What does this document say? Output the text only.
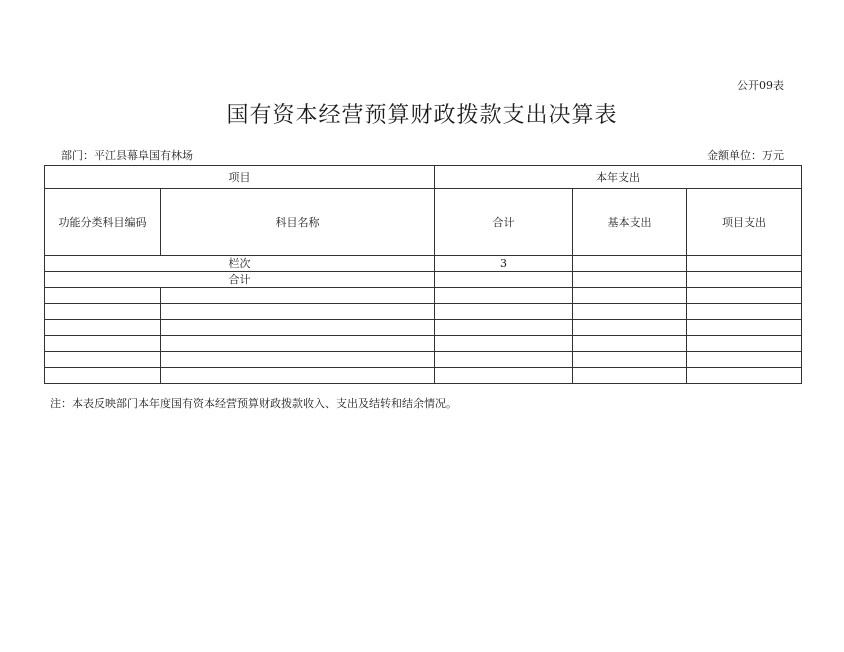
公开09表
国有资本经营预算财政拨款支出决算表
部门：平江县幕阜国有林场	金额单位：万元
项目		本年支出		
功能分类科目编码	科目名称	合计	基本支出	项目支出
栏次		3		
合计				

注：本表反映部门本年度国有资本经营预算财政拨款收入、支出及结转和结余情况。
